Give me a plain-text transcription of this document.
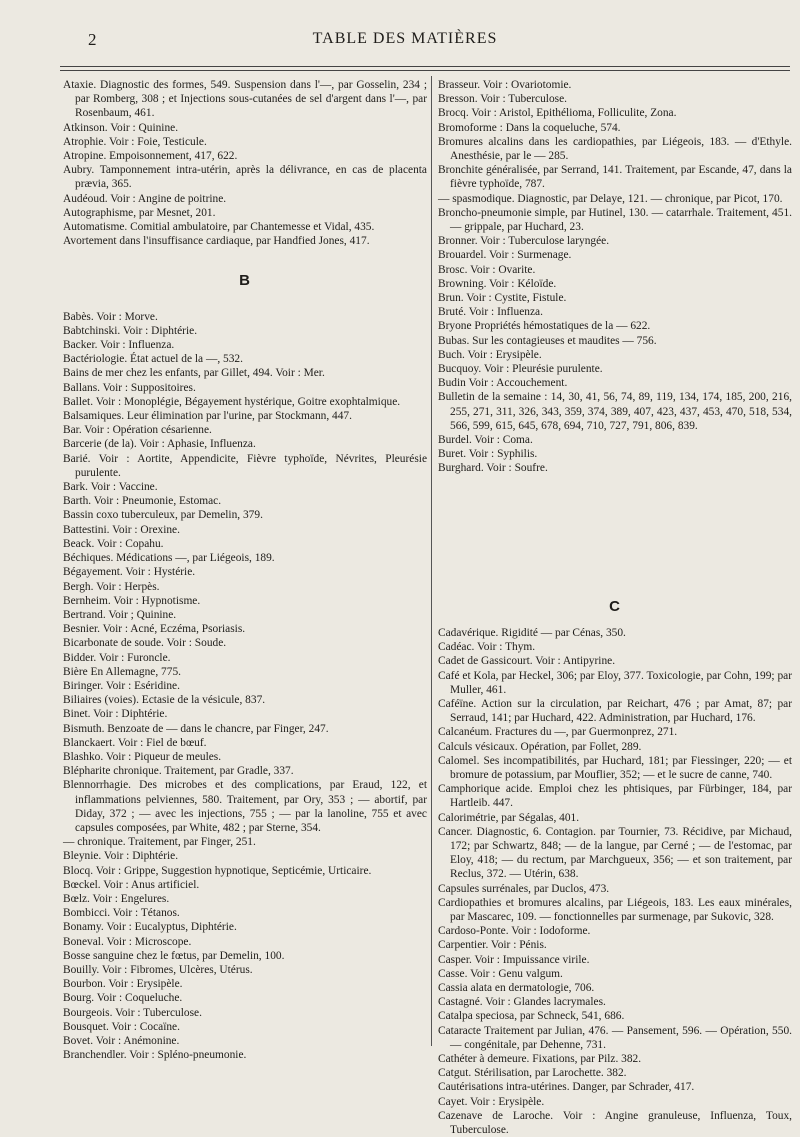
2	TABLE DES MATIÈRES

Ataxie. Diagnostic des formes, 549. Suspension dans l'—, par Gosselin, 234 ; par Romberg, 308 ; et Injections sous-cutanées de sel d'argent dans l'—, par Rosenbaum, 461.

Atkinson. Voir : Quinine.

Atrophie. Voir : Foie, Testicule.

Atropine. Empoisonnement, 417, 622.

Aubry. Tamponnement intra-utérin, après la délivrance, en cas de placenta prævia, 365.

Audéoud. Voir : Angine de poitrine.

Autographisme, par Mesnet, 201.

Automatisme. Comitial ambulatoire, par Chantemesse et Vidal, 435.

Avortement dans l'insuffisance cardiaque, par Handfied Jones, 417.

B

Babès. Voir : Morve.

Babtchinski. Voir : Diphtérie.

Backer. Voir : Influenza.

Bactériologie. État actuel de la —, 532.

Bains de mer chez les enfants, par Gillet, 494. Voir : Mer.

Ballans. Voir : Suppositoires.

Ballet. Voir : Monoplégie, Bégayement hystérique, Goitre exophtalmique.

Balsamiques. Leur élimination par l'urine, par Stockmann, 447.

Bar. Voir : Opération césarienne.

Barcerie (de la). Voir : Aphasie, Influenza.

Barié. Voir : Aortite, Appendicite, Fièvre typhoïde, Névrites, Pleurésie purulente.

Bark. Voir : Vaccine.

Barth. Voir : Pneumonie, Estomac.

Bassin coxo tuberculeux, par Demelin, 379.

Battestini. Voir : Orexine.

Beack. Voir : Copahu.

Béchiques. Médications —, par Liégeois, 189.

Bégayement. Voir : Hystérie.

Bergh. Voir : Herpès.

Bernheim. Voir : Hypnotisme.

Bertrand. Voir ; Quinine.

Besnier. Voir : Acné, Eczéma, Psoriasis.

Bicarbonate de soude. Voir : Soude.

Bidder. Voir : Furoncle.

Bière En Allemagne, 775.

Biringer. Voir : Eséridine.

Biliaires (voies). Ectasie de la vésicule, 837.

Binet. Voir : Diphtérie.

Bismuth. Benzoate de — dans le chancre, par Finger, 247.

Blanckaert. Voir : Fiel de bœuf.

Blashko. Voir : Piqueur de meules.

Blépharite chronique. Traitement, par Gradle, 337.

Blennorrhagie. Des microbes et des complications, par Eraud, 122, et inflammations pelviennes, 580. Traitement, par Ory, 353 ; — abortif, par Diday, 372 ; — avec les injections, 755 ; — par la lanoline, 755 et avec capsules composées, par White, 482 ; par Sterne, 354.

— chronique. Traitement, par Finger, 251.

Bleynie. Voir : Diphtérie.

Blocq. Voir : Grippe, Suggestion hypnotique, Septicémie, Urticaire.

Bœckel. Voir : Anus artificiel.

Bœlz. Voir : Engelures.

Bombicci. Voir : Tétanos.

Bonamy. Voir : Eucalyptus, Diphtérie.

Boneval. Voir : Microscope.

Bosse sanguine chez le fœtus, par Demelin, 100.

Bouilly. Voir : Fibromes, Ulcères, Utérus.

Bourbon. Voir : Erysipèle.

Bourg. Voir : Coqueluche.

Bourgeois. Voir : Tuberculose.

Bousquet. Voir : Cocaïne.

Bovet. Voir : Anémonine.

Branchendler. Voir : Spléno-pneumonie.

Brasseur. Voir : Ovariotomie.

Bresson. Voir : Tuberculose.

Brocq. Voir : Aristol, Epithélioma, Folliculite, Zona.

Bromoforme : Dans la coqueluche, 574.

Bromures alcalins dans les cardiopathies, par Liégeois, 183. — d'Ethyle. Anesthésie, par le — 285.

Bronchite généralisée, par Serrand, 141. Traitement, par Escande, 47, dans la fièvre typhoïde, 787.

— spasmodique. Diagnostic, par Delaye, 121. — chronique, par Picot, 170.

Broncho-pneumonie simple, par Hutinel, 130. — catarrhale. Traitement, 451. — grippale, par Huchard, 23.

Bronner. Voir : Tuberculose laryngée.

Brouardel. Voir : Surmenage.

Brosc. Voir : Ovarite.

Browning. Voir : Kéloïde.

Brun. Voir : Cystite, Fistule.

Bruté. Voir : Influenza.

Bryone Propriétés hémostatiques de la — 622.

Bubas. Sur les contagieuses et maudites — 756.

Buch. Voir : Erysipèle.

Bucquoy. Voir : Pleurésie purulente.

Budin Voir : Accouchement.

Bulletin de la semaine : 14, 30, 41, 56, 74, 89, 119, 134, 174, 185, 200, 216, 255, 271, 311, 326, 343, 359, 374, 389, 407, 423, 437, 453, 470, 518, 534, 566, 599, 615, 645, 678, 694, 710, 727, 791, 806, 839.

Burdel. Voir : Coma.

Buret. Voir : Syphilis.

Burghard. Voir : Soufre.

C

Cadavérique. Rigidité — par Cénas, 350.

Cadéac. Voir : Thym.

Cadet de Gassicourt. Voir : Antipyrine.

Café et Kola, par Heckel, 306; par Eloy, 377. Toxicologie, par Cohn, 199; par Muller, 461.

Caféïne. Action sur la circulation, par Reichart, 476 ; par Amat, 87; par Serraud, 141; par Huchard, 422. Administration, par Huchard, 176.

Calcanéum. Fractures du —, par Guermonprez, 271.

Calculs vésicaux. Opération, par Follet, 289.

Calomel. Ses incompatibilités, par Huchard, 181; par Fiessinger, 220; — et bromure de potassium, par Mouflier, 352; — et le sucre de canne, 740.

Camphorique acide. Emploi chez les phtisiques, par Fürbinger, 184, par Hartleib. 447.

Calorimétrie, par Ségalas, 401.

Cancer. Diagnostic, 6. Contagion. par Tournier, 73. Récidive, par Michaud, 172; par Schwartz, 848; — de la langue, par Cerné ; — de l'estomac, par Eloy, 418; — du rectum, par Marchgueux, 356; — et son traitement, par Reclus, 372. — Utérin, 638.

Capsules surrénales, par Duclos, 473.

Cardiopathies et bromures alcalins, par Liégeois, 183. Les eaux minérales, par Mascarec, 109. — fonctionnelles par surmenage, par Sukovic, 328.

Cardoso-Ponte. Voir : Iodoforme.

Carpentier. Voir : Pénis.

Casper. Voir : Impuissance virile.

Casse. Voir : Genu valgum.

Cassia alata en dermatologie, 706.

Castagné. Voir : Glandes lacrymales.

Catalpa speciosa, par Schneck, 541, 686.

Cataracte Traitement par Julian, 476. — Pansement, 596. — Opération, 550. — congénitale, par Dehenne, 731.

Cathéter à demeure. Fixations, par Pilz. 382.

Catgut. Stérilisation, par Larochette. 382.

Cautérisations intra-utérines. Danger, par Schrader, 417.

Cayet. Voir : Erysipèle.

Cazenave de Laroche. Voir : Angine granuleuse, Influenza, Toux, Tuberculose.
